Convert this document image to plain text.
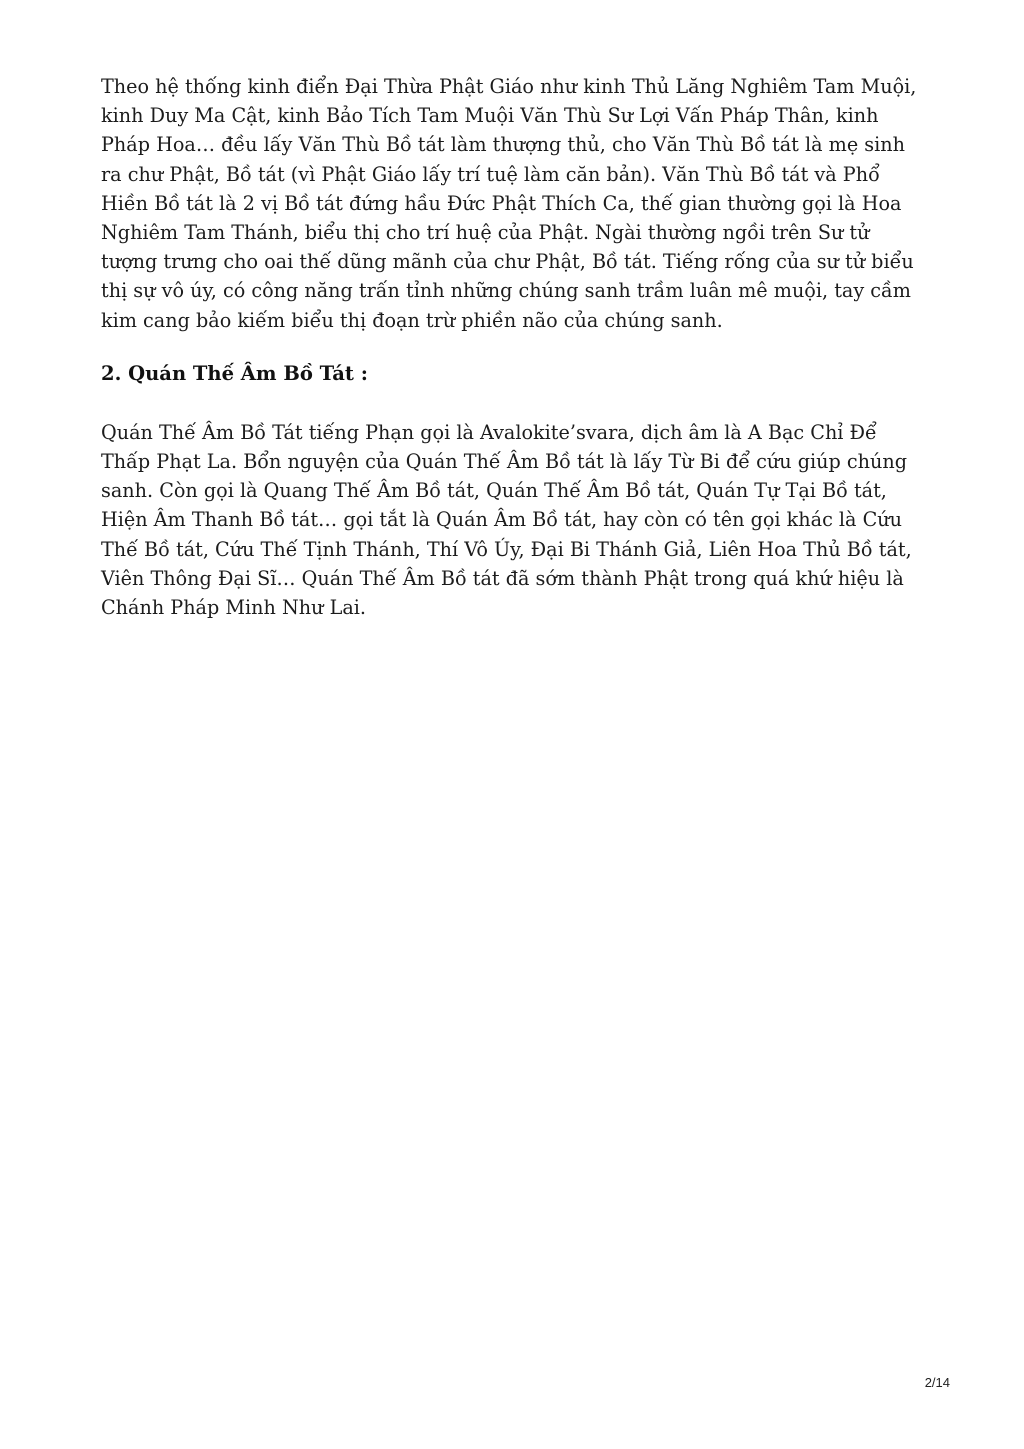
Theo hệ thống kinh điển Đại Thừa Phật Giáo như kinh Thủ Lăng Nghiêm Tam Muội, kinh Duy Ma Cật, kinh Bảo Tích Tam Muội Văn Thù Sư Lợi Vấn Pháp Thân, kinh Pháp Hoa… đều lấy Văn Thù Bồ tát làm thượng thủ, cho Văn Thù Bồ tát là mẹ sinh ra chư Phật, Bồ tát (vì Phật Giáo lấy trí tuệ làm căn bản). Văn Thù Bồ tát và Phổ Hiền Bồ tát là 2 vị Bồ tát đứng hầu Đức Phật Thích Ca, thế gian thường gọi là Hoa Nghiêm Tam Thánh, biểu thị cho trí huệ của Phật. Ngài thường ngồi trên Sư tử tượng trưng cho oai thế dũng mãnh của chư Phật, Bồ tát. Tiếng rống của sư tử biểu thị sự vô úy, có công năng trấn tỉnh những chúng sanh trầm luân mê muội, tay cầm kim cang bảo kiếm biểu thị đoạn trừ phiền não của chúng sanh.

2. Quán Thế Âm Bồ Tát :

Quán Thế Âm Bồ Tát tiếng Phạn gọi là Avalokite’svara, dịch âm là A Bạc Chỉ Để Thấp Phạt La. Bổn nguyện của Quán Thế Âm Bồ tát là lấy Từ Bi để cứu giúp chúng sanh. Còn gọi là Quang Thế Âm Bồ tát, Quán Thế Âm Bồ tát, Quán Tự Tại Bồ tát, Hiện Âm Thanh Bồ tát… gọi tắt là Quán Âm Bồ tát, hay còn có tên gọi khác là Cứu Thế Bồ tát, Cứu Thế Tịnh Thánh, Thí Vô Úy, Đại Bi Thánh Giả, Liên Hoa Thủ Bồ tát, Viên Thông Đại Sĩ… Quán Thế Âm Bồ tát đã sớm thành Phật trong quá khứ hiệu là Chánh Pháp Minh Như Lai.

2/14
